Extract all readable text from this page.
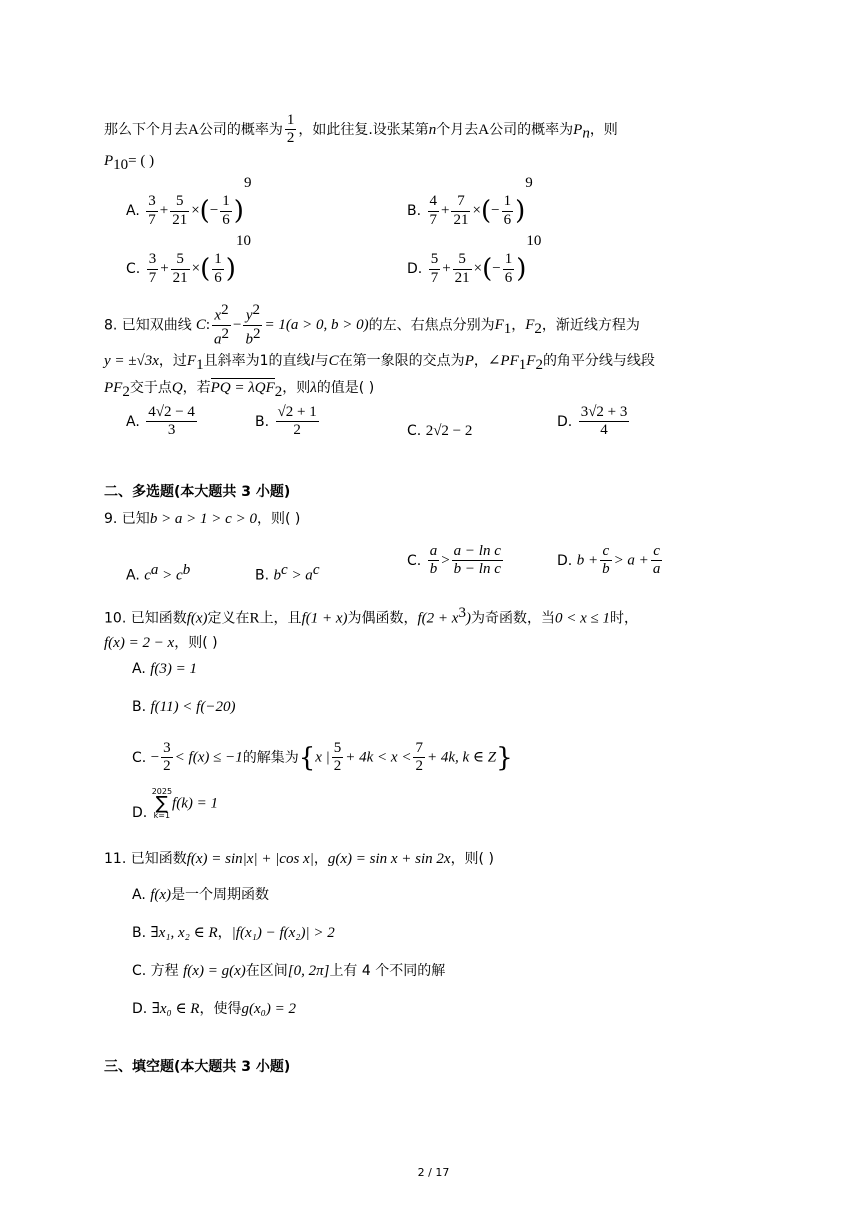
那么下个月去A公司的概率为 $\frac{1}{2}$ ，如此往复.设张某第n个月去A公司的概率为$P_n$，则
$P_{10}=$ ( )
A. $\frac{3}{7} + \frac{5}{21}$ ×(− $\frac{1}{6} )^9$
B. $\frac{4}{7} + \frac{7}{21}$ ×(− $\frac{1}{6} )^9$
C. $\frac{3}{7} + \frac{5}{21}$ ×( $\frac{1}{6} )^{10}$
D. $\frac{5}{7} + \frac{5}{21}$ ×(− $\frac{1}{6} )^{10}$
8. 已知双曲线 C: $\frac{x^2}{a^2} - \frac{y^2}{b^2} = 1(a > 0$, b > 0)的左、右焦点分别为$F_1$，$F_2$，渐近线方程为
y = ±√3x，过$F_1$且斜率为1的直线l与C在第一象限的交点为P，$\angle PF_1F_2$的角平分线与线段
$PF_2$交于点Q，若PQ = λQF$_2$，则λ的值是( )
A. $\frac{4√2 - 4}{3}$	B. $\frac{√2 + 1}{2}$	C. 2√2 − 2
D. $\frac{3√2 + 3}{4}$
二、多选题(本大题共 3 小题)
9. 已知b > a > 1 > c > 0，则( )
A. $c^a > c^b$	B. $b^c > a^c$
C. $\frac{a}{b} > \frac{\text{a − ln c}}{\text{b − ln c}}$	D. $b + \frac{c}{b} > a + \frac{c}{a}$
10. 已知函数f(x)定义在R上，且f(1 + x)为偶函数，$f(2 + x^3)$为奇函数，当0 < x ≤ 1时，
f(x) = 2 − x，则( )
A. f(3) = 1
B. f(11) < f(−20)
C. − $\frac{3}{2} < f(x) \le -1$的解集为{x | $\frac{5}{2} + 4k < x < \frac{7}{2} + 4k$, k ∈ Z}
D. 2025
∑
k=1f(k) = 1
11. 已知函数f(x) = sin|x| + |cos x|，g(x) = sin x + sin 2x，则( )
A. f(x)是一个周期函数
B. ∃x₁, x₂ ∈ R，|f(x₁) − f(x₂)| > 2
C. 方程 f(x) = g(x)在区间[0, 2π]上有 4 个不同的解
D. ∃x₀ ∈ R，使得g(x₀) = 2
三、填空题(本大题共 3 小题)
2 / 17
